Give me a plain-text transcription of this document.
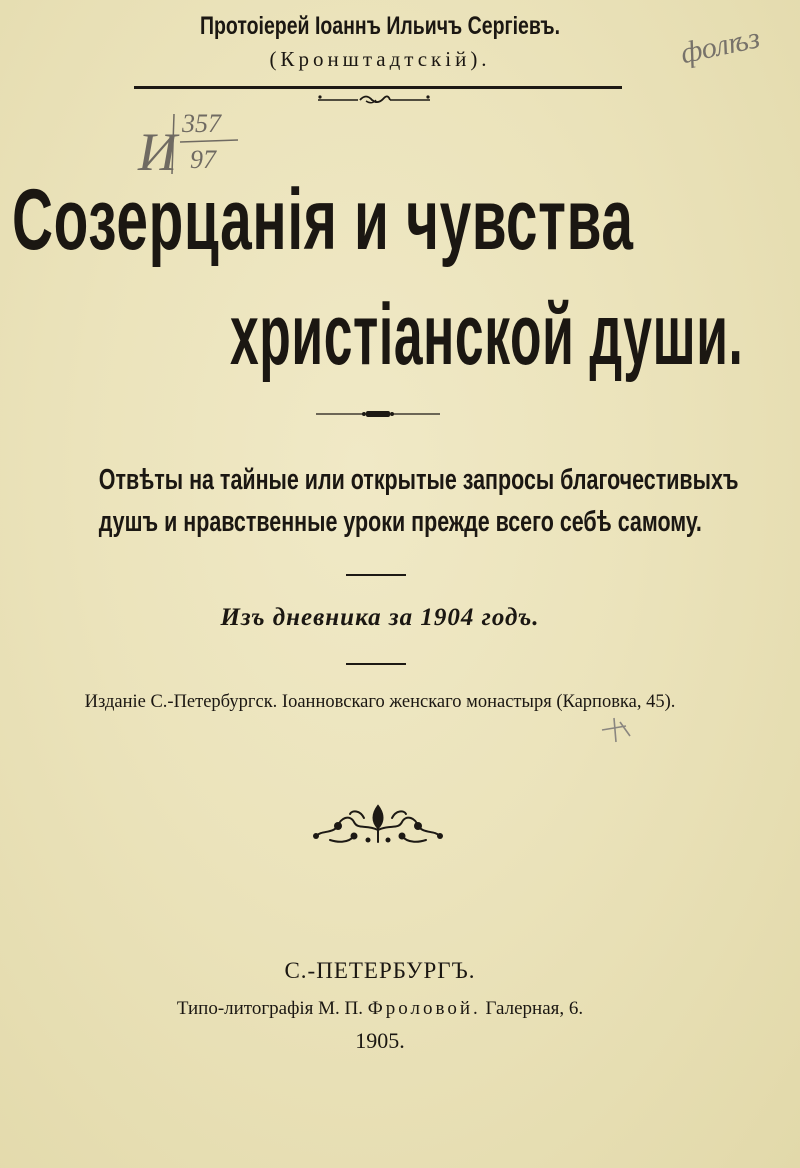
Протоіерей Іоаннъ Ильичъ Сергіевъ.
(Кронштадтскій).
Созерцанія и чувства
христіанской души.
Отвѣты на тайные или открытые запросы благочестивыхъ
душъ и нравственные уроки прежде всего себѣ самому.
Изъ дневника за 1904 годъ.
Изданіе С.-Петербургск. Іоанновскаго женскаго монастыря (Карповка, 45).
С.-ПЕТЕРБУРГЪ.
Типо-литографія М. П. Фроловой. Галерная, 6.
1905.
И 357
97
фолѣз
